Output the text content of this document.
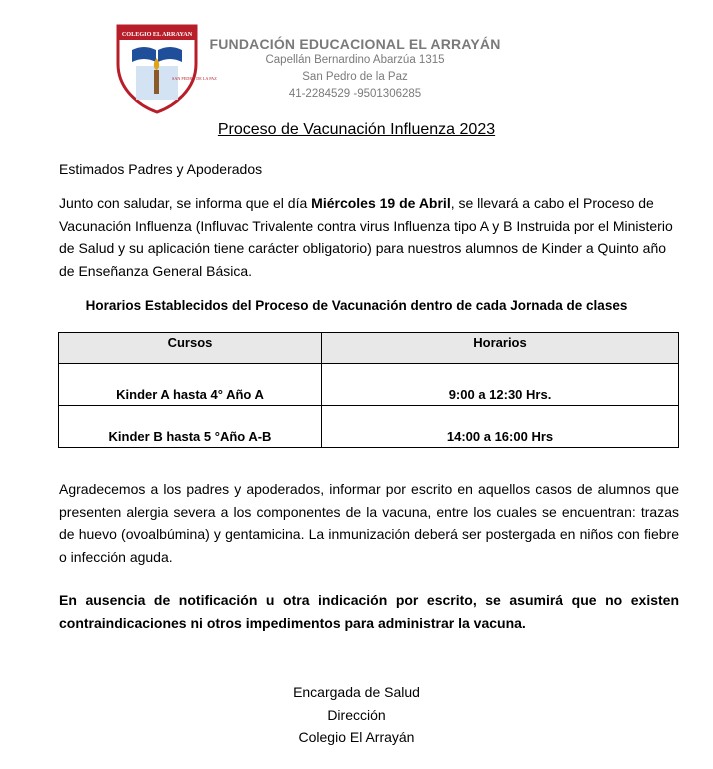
COLEGIO EL ARRAYAN
SAN PEDRO DE LA PAZ
FUNDACIÓN EDUCACIONAL EL ARRAYÁN
Capellán Bernardino Abarzúa 1315
San Pedro de la Paz
41-2284529 -9501306285
Proceso de Vacunación Influenza 2023
Estimados Padres y Apoderados
Junto con saludar, se informa que el día Miércoles 19 de Abril, se llevará a cabo el Proceso de Vacunación Influenza (Influvac Trivalente contra virus Influenza tipo A y B Instruida por el Ministerio de Salud y su aplicación tiene carácter obligatorio) para nuestros alumnos de Kinder a Quinto año de Enseñanza General Básica.
Horarios Establecidos del Proceso de Vacunación dentro de cada Jornada de clases
Cursos	Horarios
Kinder A hasta 4° Año A	9:00 a 12:30 Hrs.
Kinder B hasta 5 °Año A-B	14:00 a 16:00 Hrs
Agradecemos a los padres y apoderados, informar por escrito en aquellos casos de alumnos que presenten alergia severa a los componentes de la vacuna, entre los cuales se encuentran: trazas de huevo (ovoalbúmina) y gentamicina. La inmunización deberá ser postergada en niños con fiebre o infección aguda.
En ausencia de notificación u otra indicación por escrito, se asumirá que no existen contraindicaciones ni otros impedimentos para administrar la vacuna.
Encargada de Salud
Dirección
Colegio El Arrayán
